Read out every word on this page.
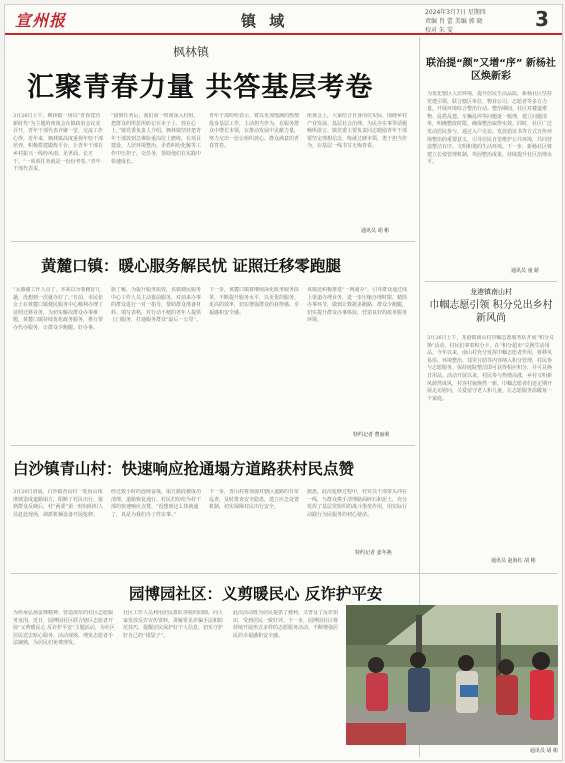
宣州报	镇 域	2024年3月7日 星期四
责编 肖 蕾 美编 郭 晓
校对 朱 雯	3
枫林镇
汇聚青春力量 共答基层考卷
3月26日上午，枫林镇一场以“青春建功新时代”为主题的座谈会在镇政府会议室召开，青年干部代表齐聚一堂，交流工作心得。近年来，枫林镇高度重视年轻干部培养，积极搭建锻炼平台，让青年干部在乡村振兴一线经风雨、见世面、长才干。“一项项任务就是一份份考卷。”青年干部代表说。
“接到任务后，我们第一时间深入村组，把群众的所思所盼记在本子上、放在心上。”镇党委负责人介绍，枫林镇坚持把青年干部放到急难险重岗位上磨练，在项目建设、人居环境整治、矛盾纠纷化解等工作中压担子、交任务，帮助他们在实践中快速成长。
青年干部纷纷表示，将以更加饱满的热情投身基层工作，主动担当作为，在服务群众中增长本领，在推动发展中贡献力量，努力交出一份让组织放心、群众满意的青春答卷。
座谈会上，大家结合自身岗位实际，围绕乡村产业发展、基层社会治理、为民办实事等话题畅所欲言。镇党委主要负责同志勉励青年干部要坚定理想信念，练就过硬本领，勇于担当作为，在基层一线书写无悔青春。
通讯员 胡 彬
联治提“颜”又增“序” 新杨社区焕新彩
为优化辖区人居环境，提升居民生活品质，新杨社区坚持党建引领，联合辖区单位、物业公司、志愿者等多方力量，开展环境综合整治行动。整治期间，社区对楼道堆物、乱搭乱建、车辆乱停等问题逐一梳理，建立问题清单，明确整改时限，确保整治取得实效。同时，社区广泛发动居民参与，通过入户走访、发放倡议书等方式宣传环境整治的重要意义，引导居民自觉维护公共环境，共同营造整洁有序、文明和谐的生活环境。下一步，新杨社区将建立长效管理机制，巩固整治成果，持续提升社区治理水平。
通讯员 童 娇
黄麓口镇：暖心服务解民忧 证照迁移零跑腿
“太感谢工作人员了，本来以为要跑好几趟，没想到一次就办好了。”日前，市民张女士在黄麓口镇便民服务中心顺利办理了证照迁移业务。为切实解决群众办事难题，黄麓口镇持续优化政务服务，推行帮办代办服务，让群众少跑腿、好办事。
据了解，为提升服务质效，该镇便民服务中心工作人员主动靠前服务，对前来办事的群众进行一对一指导，帮助群众准备材料、填写表格，对行动不便的老年人提供上门服务，打通服务群众“最后一公里”。
下一步，黄麓口镇将继续深化政务服务改革，不断提升服务水平，以更优的服务、更高的效率，切实增强群众的获得感、幸福感和安全感。
该镇还积极推进“一网通办”，引导群众通过线上渠道办理业务，进一步压缩办理时限、精简办事环节，做到让数据多跑路、群众少跑腿，切实提升群众办事体验，营造良好的政务服务环境。
特约记者 曹丽莉
龙港镇南山村
巾帼志愿引领 积分兑出乡村新风尚
3月26日上午，龙港镇南山村巾帼志愿服务队开展“积分兑换”活动，村民们拿着积分卡，在“积分超市”兑换生活用品。今年以来，南山村充分发挥巾帼志愿者作用，将移风易俗、环境整治、邻里互助等内容纳入积分管理，村民参与志愿服务、保持庭院整洁即可获得相应积分，并可兑换日用品。活动开展以来，村民参与热情高涨，乡村文明新风蔚然成风，村容村貌焕然一新。巾帼志愿者们还定期开展走访慰问，关爱留守老人和儿童，让志愿服务温暖每一个家庭。
通讯员 赵海红 胡 彬
白沙镇青山村：快速响应抢通塌方道路获村民点赞
3月20日清晨，白沙镇青山村一处因山体滑坡造成道路塌方，阻断了村民出行。接到群众反映后，村“两委”第一时间组织人员赶赴现场，调派机械设备开展抢修。
经过数小时的连续奋战，塌方路段被成功清理，道路恢复通行。村民们纷纷为村干部的快速响应点赞。“没想到这么快就通了，真是为我们办了件实事。”
下一步，青山村将加强对辖区道路的日常巡查，及时排查安全隐患，建立应急处置机制，切实保障村民出行安全。
据悉，此次抢修过程中，村党员干部带头冲在一线，与群众携手清理路面碎石和泥土，充分发挥了基层党组织的战斗堡垒作用，用实际行动践行为民服务的初心使命。
特约记者 姜冬燕
园博园社区：义剪暖民心 反诈护平安
为传承弘扬雷锋精神，营造浓厚的社区志愿服务氛围，近日，园博园社区联合辖区志愿者开展“义剪暖民心 反诈护平安”主题活动，为社区居民送去贴心服务。活动现场，理发志愿者手法娴熟，为居民们免费理发。
社区工作人员利用居民排队等候的间隙，向大家发放反诈宣传资料，讲解常见诈骗手法和防范技巧，提醒居民保护好个人信息，切实守护好自己的“钱袋子”。
此次活动既为居民提供了便利，又普及了反诈知识，受到居民一致好评。下一步，园博园社区将持续开展形式多样的志愿服务活动，不断增强居民的幸福感和安全感。
通讯员 胡 彬
